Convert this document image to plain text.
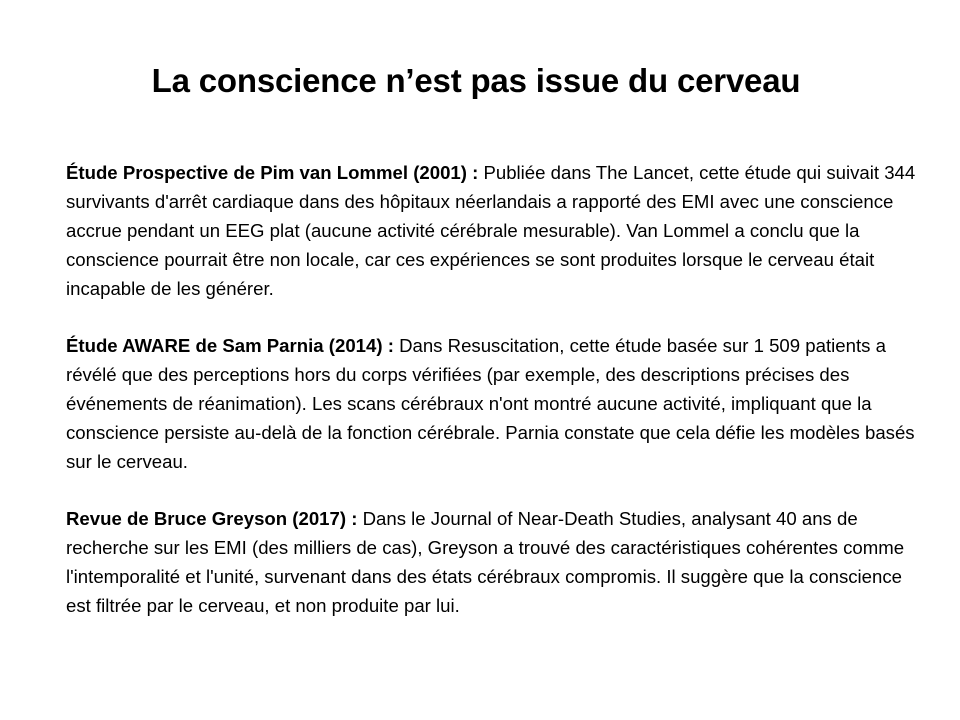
La conscience n’est pas issue du cerveau

Étude Prospective de Pim van Lommel (2001) : Publiée dans The Lancet, cette étude qui suivait 344 survivants d'arrêt cardiaque dans des hôpitaux néerlandais a rapporté des EMI avec une conscience accrue pendant un EEG plat (aucune activité cérébrale mesurable). Van Lommel a conclu que la conscience pourrait être non locale, car ces expériences se sont produites lorsque le cerveau était incapable de les générer.

Étude AWARE de Sam Parnia (2014) : Dans Resuscitation, cette étude basée sur 1 509 patients a révélé que des perceptions hors du corps vérifiées (par exemple, des descriptions précises des événements de réanimation). Les scans cérébraux n'ont montré aucune activité, impliquant que la conscience persiste au-delà de la fonction cérébrale. Parnia constate que cela défie les modèles basés sur le cerveau.

Revue de Bruce Greyson (2017) : Dans le Journal of Near-Death Studies, analysant 40 ans de recherche sur les EMI (des milliers de cas), Greyson a trouvé des caractéristiques cohérentes comme l'intemporalité et l'unité, survenant dans des états cérébraux compromis. Il suggère que la conscience est filtrée par le cerveau, et non produite par lui.
